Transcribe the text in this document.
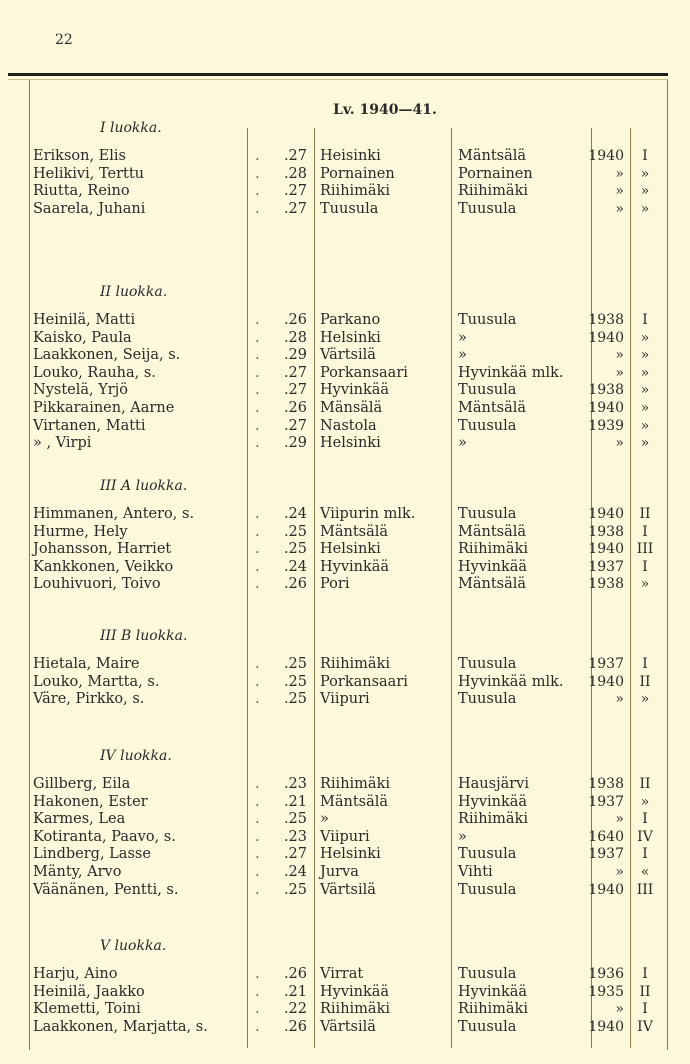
22
Lv. 1940—41.
I luokka.
Erikson, Elis	. .27 Heisinki	Mäntsälä	1940	I
Helikivi, Terttu	. .28 Pornainen	Pornainen	»	»
Riutta, Reino	. .27 Riihimäki	Riihimäki	»	»
Saarela, Juhani	. .27 Tuusula	Tuusula	»	»
II luokka.
Heinilä, Matti	. .26 Parkano	Tuusula	1938	I
Kaisko, Paula	. .28 Helsinki	»	1940	»
Laakkonen, Seija, s.	. .29 Värtsilä	»	»	»
Louko, Rauha, s.	. .27 Porkansaari	Hyvinkää mlk.	»	»
Nystelä, Yrjö	. .27 Hyvinkää	Tuusula	1938	»
Pikkarainen, Aarne	. .26 Mänsälä	Mäntsälä	1940	»
Virtanen, Matti	. .27 Nastola	Tuusula	1939	»
» , Virpi	. .29 Helsinki	»	»	»
III A luokka.
Himmanen, Antero, s.	. .24 Viipurin mlk.	Tuusula	1940	II
Hurme, Hely	. .25 Mäntsälä	Mäntsälä	1938	I
Johansson, Harriet	. .25 Helsinki	Riihimäki	1940 III
Kankkonen, Veikko	. .24 Hyvinkää	Hyvinkää	1937	I
Louhivuori, Toivo	. .26 Pori	Mäntsälä	1938	»
III B luokka.
Hietala, Maire	. .25 Riihimäki	Tuusula	1937	I
Louko, Martta, s.	. .25 Porkansaari	Hyvinkää mlk. 1940	II
Väre, Pirkko, s.	. .25 Viipuri	Tuusula	»	»
IV luokka.
Gillberg, Eila	. .23 Riihimäki	Hausjärvi	1938	II
Hakonen, Ester	. .21 Mäntsälä	Hyvinkää	1937	»
Karmes, Lea	. .25 »	Riihimäki	»	I
Kotiranta, Paavo, s.	. .23 Viipuri	»	1640 IV
Lindberg, Lasse	. .27 Helsinki	Tuusula	1937	I
Mänty, Arvo	. .24 Jurva	Vihti	»	«
Väänänen, Pentti, s.	. .25 Värtsilä	Tuusula	1940 III
V luokka.
Harju, Aino	. .26 Virrat	Tuusula	1936	I
Heinilä, Jaakko	. .21 Hyvinkää	Hyvinkää	1935	II
Klemetti, Toini	. .22 Riihimäki	Riihimäki	»	I
Laakkonen, Marjatta, s.	. .26 Värtsilä	Tuusula	1940 IV
